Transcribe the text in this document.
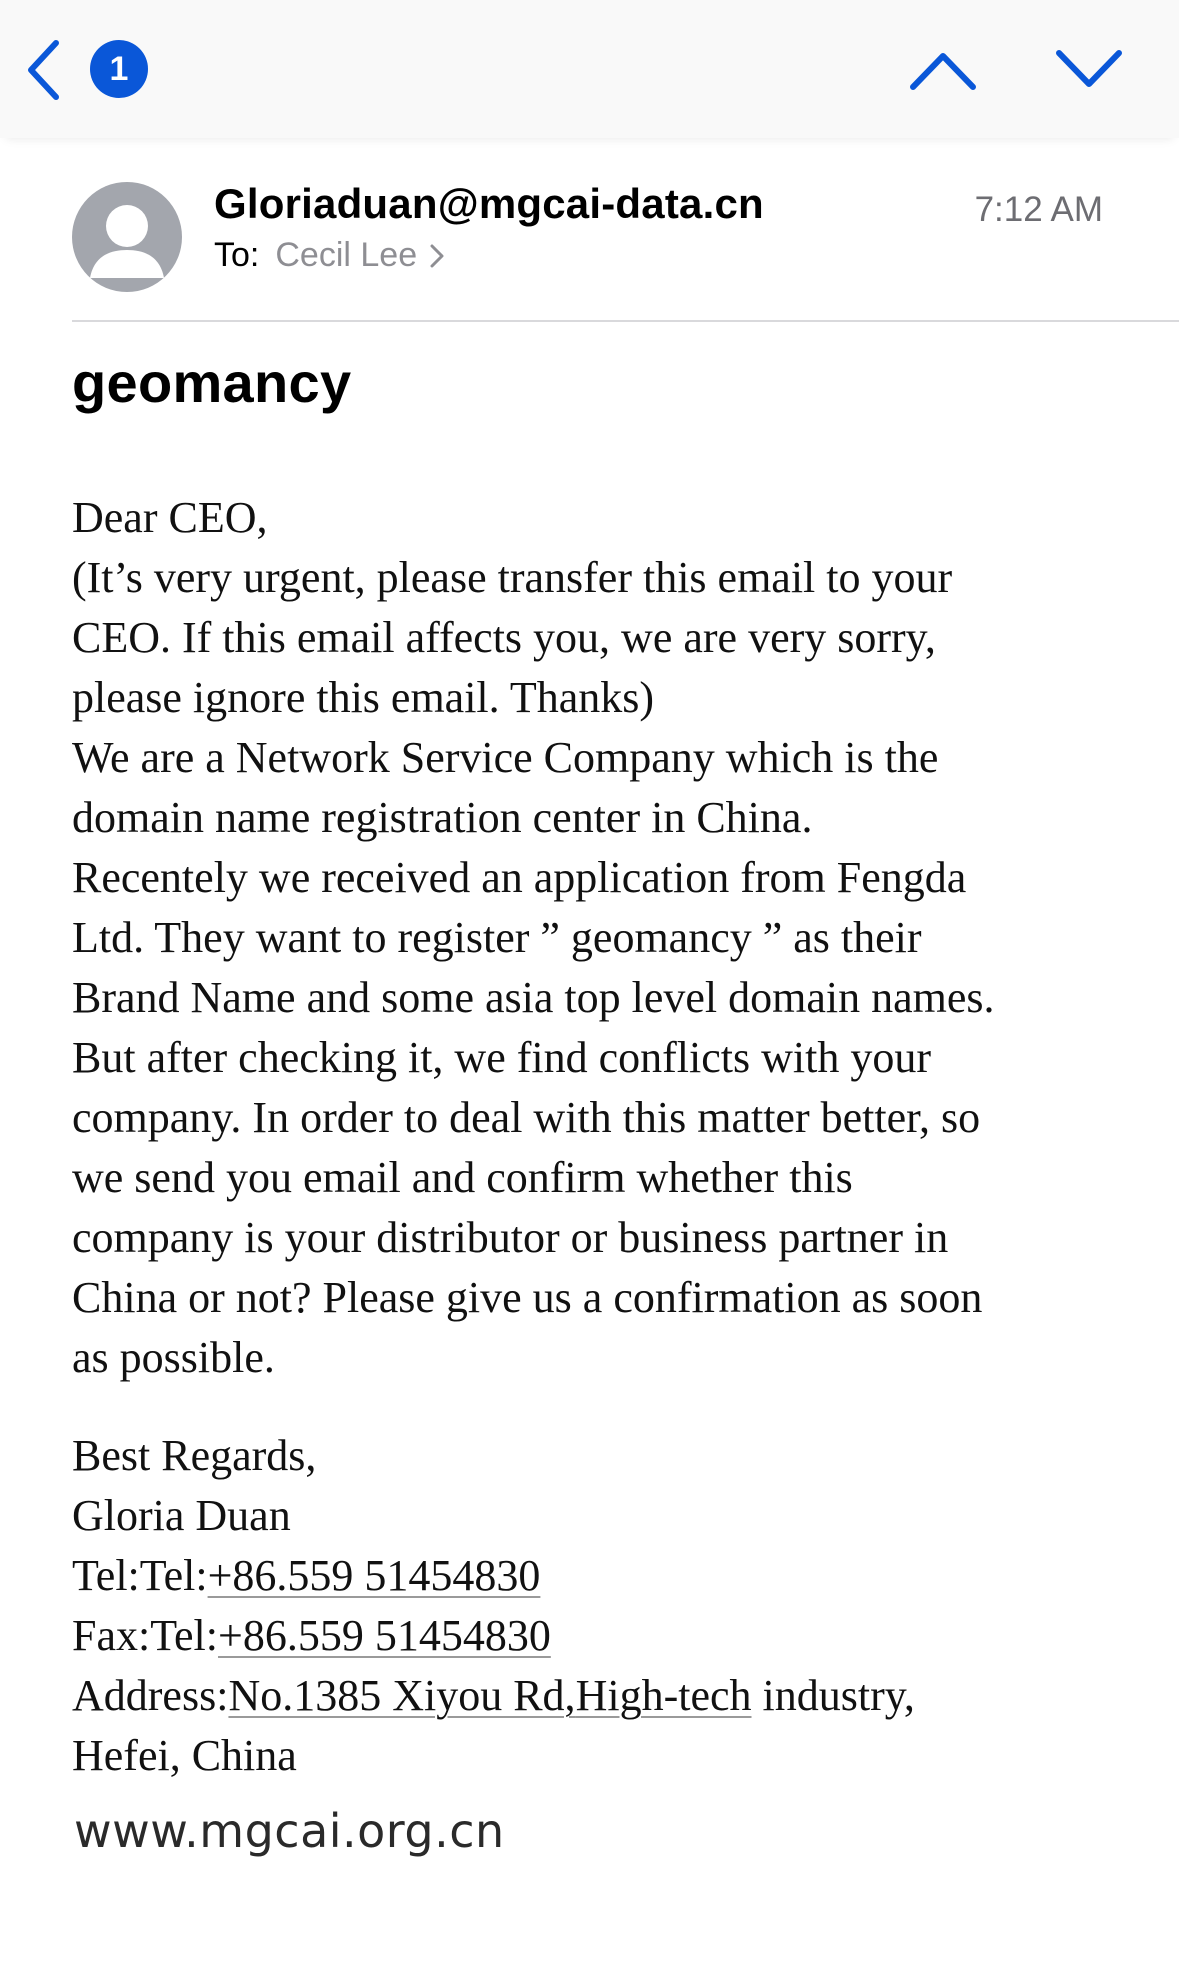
1
Gloriaduan@mgcai-data.cn
To: Cecil Lee
7:12 AM
geomancy
Dear CEO,
(It’s very urgent, please transfer this email to your
CEO. If this email affects you, we are very sorry,
please ignore this email. Thanks)
We are a Network Service Company which is the
domain name registration center in China.
Recentely we received an application from Fengda
Ltd. They want to register ” geomancy ” as their
Brand Name and some asia top level domain names.
But after checking it, we find conflicts with your
company. In order to deal with this matter better, so
we send you email and confirm whether this
company is your distributor or business partner in
China or not? Please give us a confirmation as soon
as possible.
Best Regards,
Gloria Duan
Tel:Tel:+86.559 51454830
Fax:Tel:+86.559 51454830
Address:No.1385 Xiyou Rd,High-tech industry,
Hefei, China
www.mgcai.org.cn
